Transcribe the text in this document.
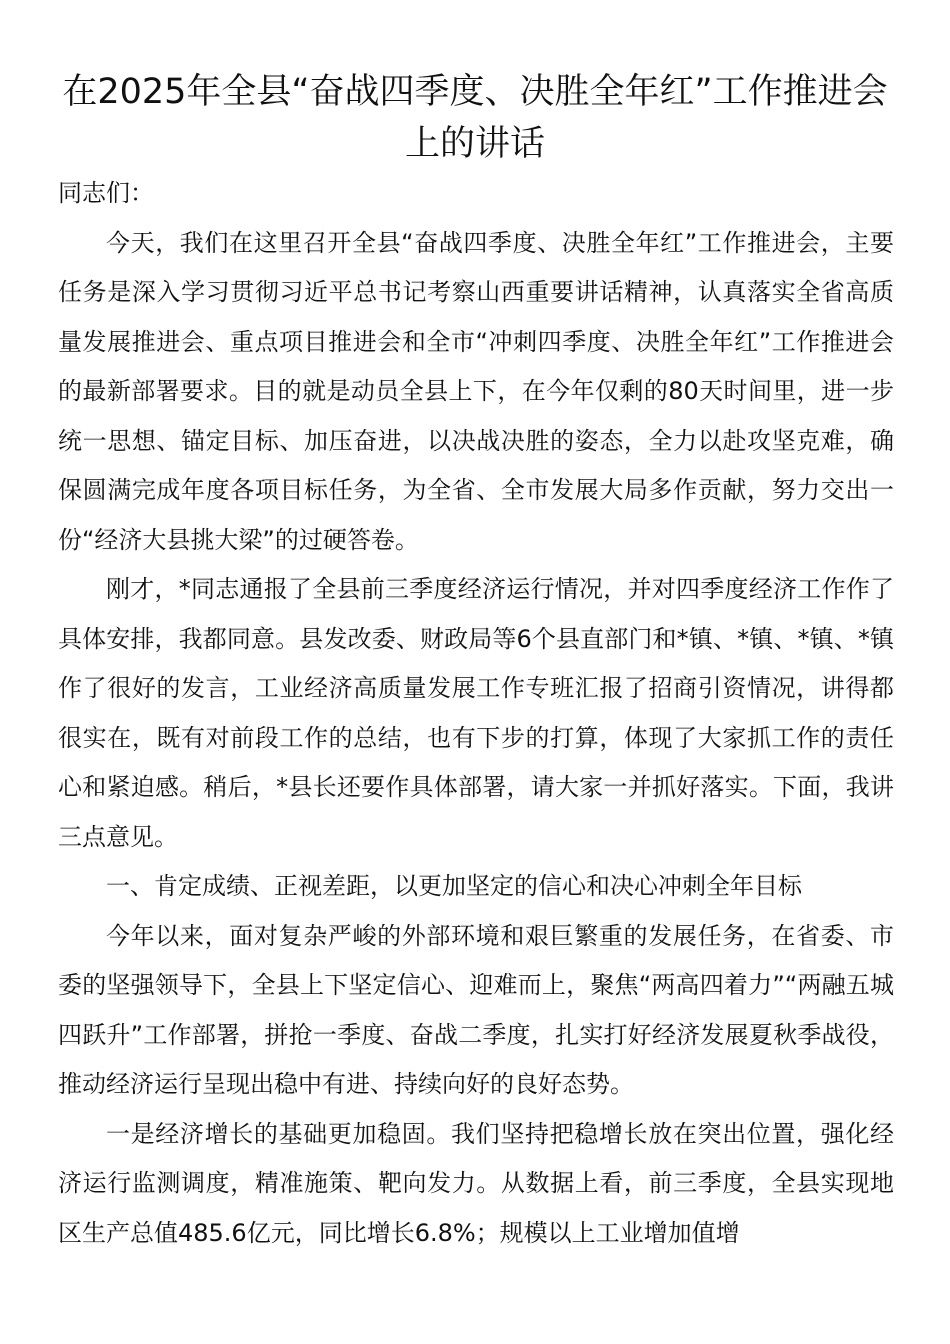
在2025年全县“奋战四季度、决胜全年红”工作推进会上的讲话

同志们：

今天，我们在这里召开全县“奋战四季度、决胜全年红”工作推进会，主要任务是深入学习贯彻习近平总书记考察山西重要讲话精神，认真落实全省高质量发展推进会、重点项目推进会和全市“冲刺四季度、决胜全年红”工作推进会的最新部署要求。目的就是动员全县上下，在今年仅剩的80天时间里，进一步统一思想、锚定目标、加压奋进，以决战决胜的姿态，全力以赴攻坚克难，确保圆满完成年度各项目标任务，为全省、全市发展大局多作贡献，努力交出一份“经济大县挑大梁”的过硬答卷。

刚才，*同志通报了全县前三季度经济运行情况，并对四季度经济工作作了具体安排，我都同意。县发改委、财政局等6个县直部门和*镇、*镇、*镇、*镇作了很好的发言，工业经济高质量发展工作专班汇报了招商引资情况，讲得都很实在，既有对前段工作的总结，也有下步的打算，体现了大家抓工作的责任心和紧迫感。稍后，*县长还要作具体部署，请大家一并抓好落实。下面，我讲三点意见。

一、肯定成绩、正视差距，以更加坚定的信心和决心冲刺全年目标

今年以来，面对复杂严峻的外部环境和艰巨繁重的发展任务，在省委、市委的坚强领导下，全县上下坚定信心、迎难而上，聚焦“两高四着力”“两融五城四跃升”工作部署，拼抢一季度、奋战二季度，扎实打好经济发展夏秋季战役，推动经济运行呈现出稳中有进、持续向好的良好态势。

一是经济增长的基础更加稳固。我们坚持把稳增长放在突出位置，强化经济运行监测调度，精准施策、靶向发力。从数据上看，前三季度，全县实现地区生产总值485.6亿元，同比增长6.8%；规模以上工业增加值增
